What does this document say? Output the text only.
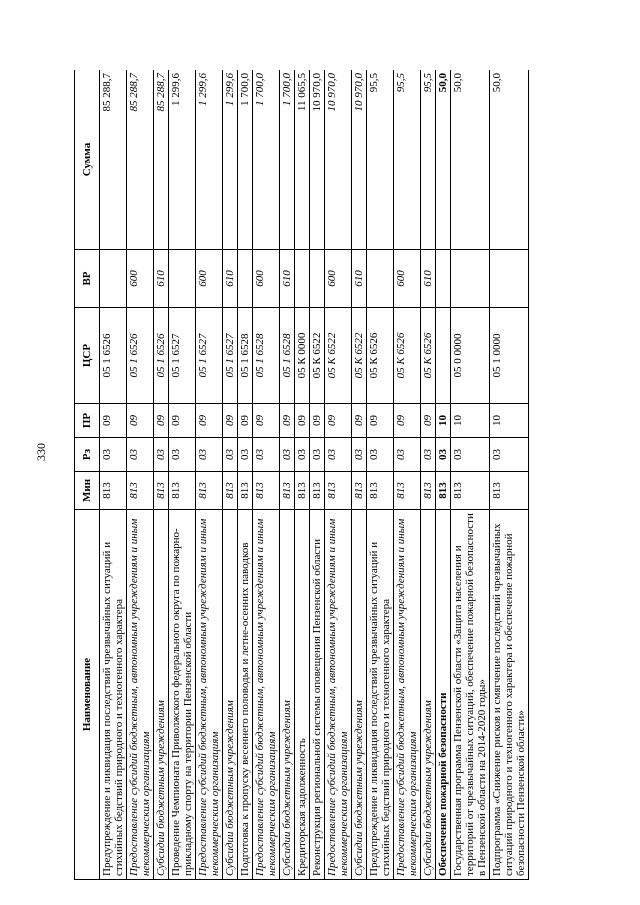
330
Наименование	Мин	Рз	ПР	ЦСР	ВР	Сумма
Предупреждение и ликвидация последствий чрезвычайных ситуаций и стихийных бедствий природного и техногенного характера	813	03	09	05 1 6526		85 288,7
Предоставление субсидий бюджетным, автономным учреждениям и иным некоммерческим организациям	813	03	09	05 1 6526	600	85 288,7
Субсидии бюджетным учреждениям	813	03	09	05 1 6526	610	85 288,7
Проведение Чемпионата Приволжского федерального округа по пожарно-прикладному спорту на территории Пензенской области	813	03	09	05 1 6527		1 299,6
Предоставление субсидий бюджетным, автономным учреждениям и иным некоммерческим организациям	813	03	09	05 1 6527	600	1 299,6
Субсидии бюджетным учреждениям	813	03	09	05 1 6527	610	1 299,6
Подготовка к пропуску весеннего половодья и летне-осенних паводков	813	03	09	05 1 6528		1 700,0
Предоставление субсидий бюджетным, автономным учреждениям и иным некоммерческим организациям	813	03	09	05 1 6528	600	1 700,0
Субсидии бюджетным учреждениям	813	03	09	05 1 6528	610	1 700,0
Кредиторская задолженность	813	03	09	05 К 0000		11 065,5
Реконструкция региональной системы оповещения Пензенской области	813	03	09	05 К 6522		10 970,0
Предоставление субсидий бюджетным, автономным учреждениям и иным некоммерческим организациям	813	03	09	05 К 6522	600	10 970,0
Субсидии бюджетным учреждениям	813	03	09	05 К 6522	610	10 970,0
Предупреждение и ликвидация последствий чрезвычайных ситуаций и стихийных бедствий природного и техногенного характера	813	03	09	05 К 6526		95,5
Предоставление субсидий бюджетным, автономным учреждениям и иным некоммерческим организациям	813	03	09	05 К 6526	600	95,5
Субсидии бюджетным учреждениям	813	03	09	05 К 6526	610	95,5
Обеспечение пожарной безопасности	813	03	10			50,0
Государственная программа Пензенской области «Защита населения и территорий от чрезвычайных ситуаций, обеспечение пожарной безопасности в Пензенской области на 2014-2020 годы»	813	03	10	05 0 0000		50,0
Подпрограмма «Снижение рисков и смягчение последствий чрезвычайных ситуаций природного и техногенного характера и обеспечение пожарной безопасности Пензенской области»	813	03	10	05 1 0000		50,0
